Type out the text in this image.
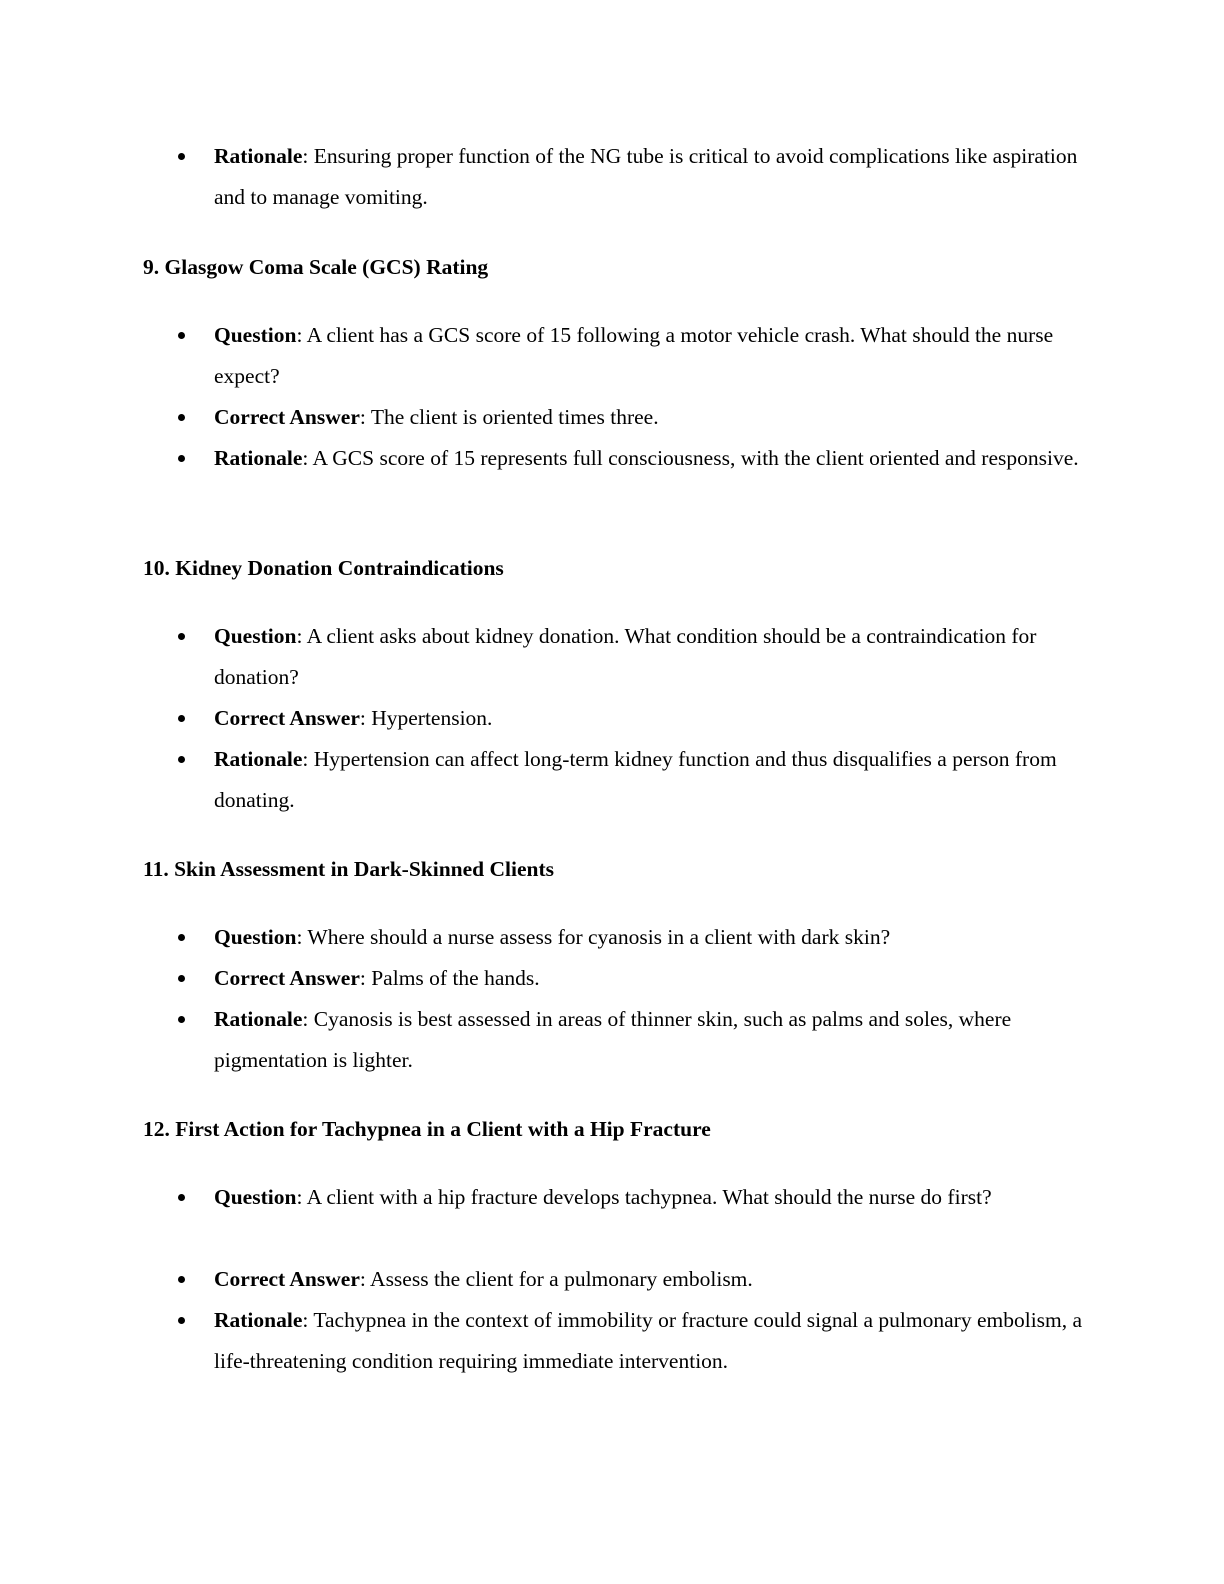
Rationale: Ensuring proper function of the NG tube is critical to avoid complications like aspiration and to manage vomiting.
9. Glasgow Coma Scale (GCS) Rating
Question: A client has a GCS score of 15 following a motor vehicle crash. What should the nurse expect?
Correct Answer: The client is oriented times three.
Rationale: A GCS score of 15 represents full consciousness, with the client oriented and responsive.
10. Kidney Donation Contraindications
Question: A client asks about kidney donation. What condition should be a contraindication for donation?
Correct Answer: Hypertension.
Rationale: Hypertension can affect long-term kidney function and thus disqualifies a person from donating.
11. Skin Assessment in Dark-Skinned Clients
Question: Where should a nurse assess for cyanosis in a client with dark skin?
Correct Answer: Palms of the hands.
Rationale: Cyanosis is best assessed in areas of thinner skin, such as palms and soles, where pigmentation is lighter.
12. First Action for Tachypnea in a Client with a Hip Fracture
Question: A client with a hip fracture develops tachypnea. What should the nurse do first?
Correct Answer: Assess the client for a pulmonary embolism.
Rationale: Tachypnea in the context of immobility or fracture could signal a pulmonary embolism, a life-threatening condition requiring immediate intervention.
